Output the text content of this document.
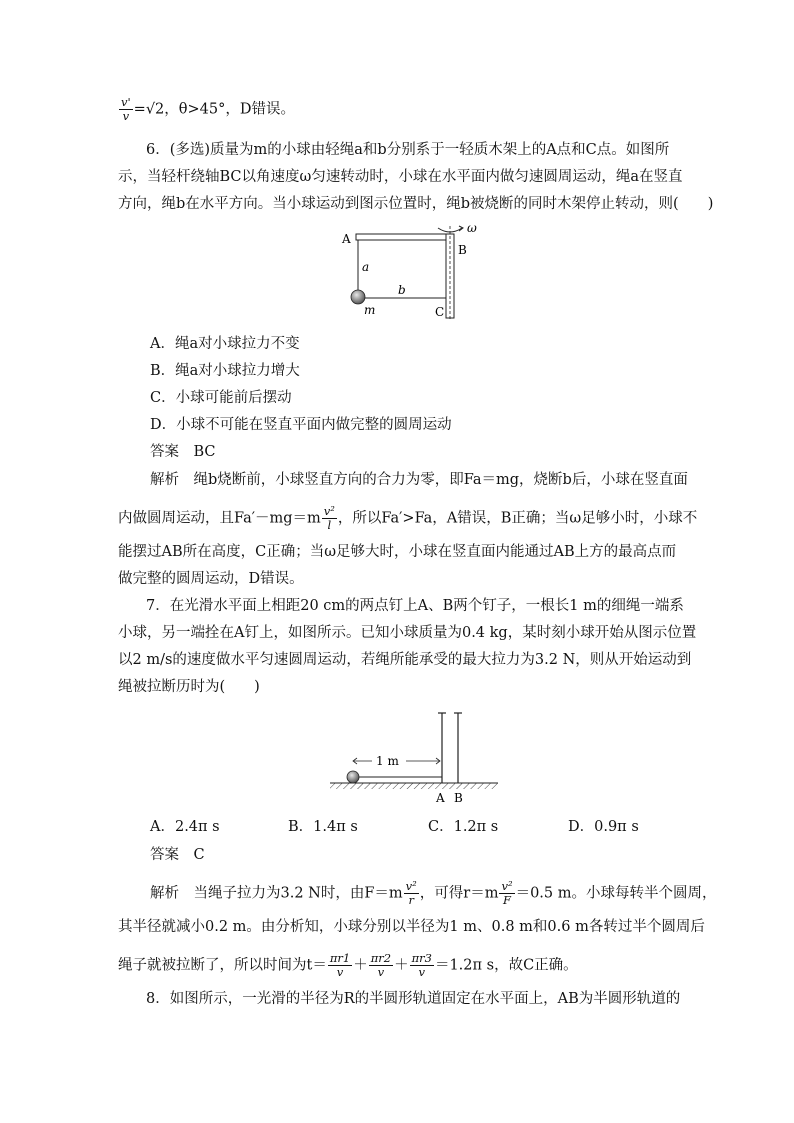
$\frac{v'}{v} =√2$，θ>45°，D错误。
6．(多选)质量为m的小球由轻绳a和b分别系于一轻质木架上的A点和C点。如图所
示，当轻杆绕轴BC以角速度ω匀速转动时，小球在水平面内做匀速圆周运动，绳a在竖直
方向，绳b在水平方向。当小球运动到图示位置时，绳b被烧断的同时木架停止转动，则(　　)
A
B
C
a
b
m
ω
A．绳a对小球拉力不变
B．绳a对小球拉力增大
C．小球可能前后摆动
D．小球不可能在竖直平面内做完整的圆周运动
答案　BC
解析　绳b烧断前，小球竖直方向的合力为零，即Fa＝mg，烧断b后，小球在竖直面
内做圆周运动，且$Fa'-mg=m \frac{\text{v²}}{l}$ ，所以Fa′>Fa，A错误，B正确；当ω足够小时，小球不
能摆过AB所在高度，C正确；当ω足够大时，小球在竖直面内能通过AB上方的最高点而
做完整的圆周运动，D错误。
7．在光滑水平面上相距20 cm的两点钉上A、B两个钉子，一根长1 m的细绳一端系
小球，另一端拴在A钉上，如图所示。已知小球质量为0.4 kg，某时刻小球开始从图示位置
以2 m/s的速度做水平匀速圆周运动，若绳所能承受的最大拉力为3.2 N，则从开始运动到
绳被拉断历时为(　　)
1 m
A B
A．2.4π s	B．1.4π s	C．1.2π s	D．0.9π s
答案　C
解析　当绳子拉力为3.2 N时，由$F=m \frac{\text{v²}}{r}$ ，可得$r=m \frac{\text{v²}}{F} =0.5$ m。小球每转半个圆周，
其半径就减小0.2 m。由分析知，小球分别以半径为1 m、0.8 m和0.6 m各转过半个圆周后
绳子就被拉断了，所以时间为$t= \frac{\pi r1}{v} + \frac{\pi r2}{v} + \frac{\pi r3}{v} =1.2\pi$ s，故C正确。
8．如图所示，一光滑的半径为R的半圆形轨道固定在水平面上，AB为半圆形轨道的
